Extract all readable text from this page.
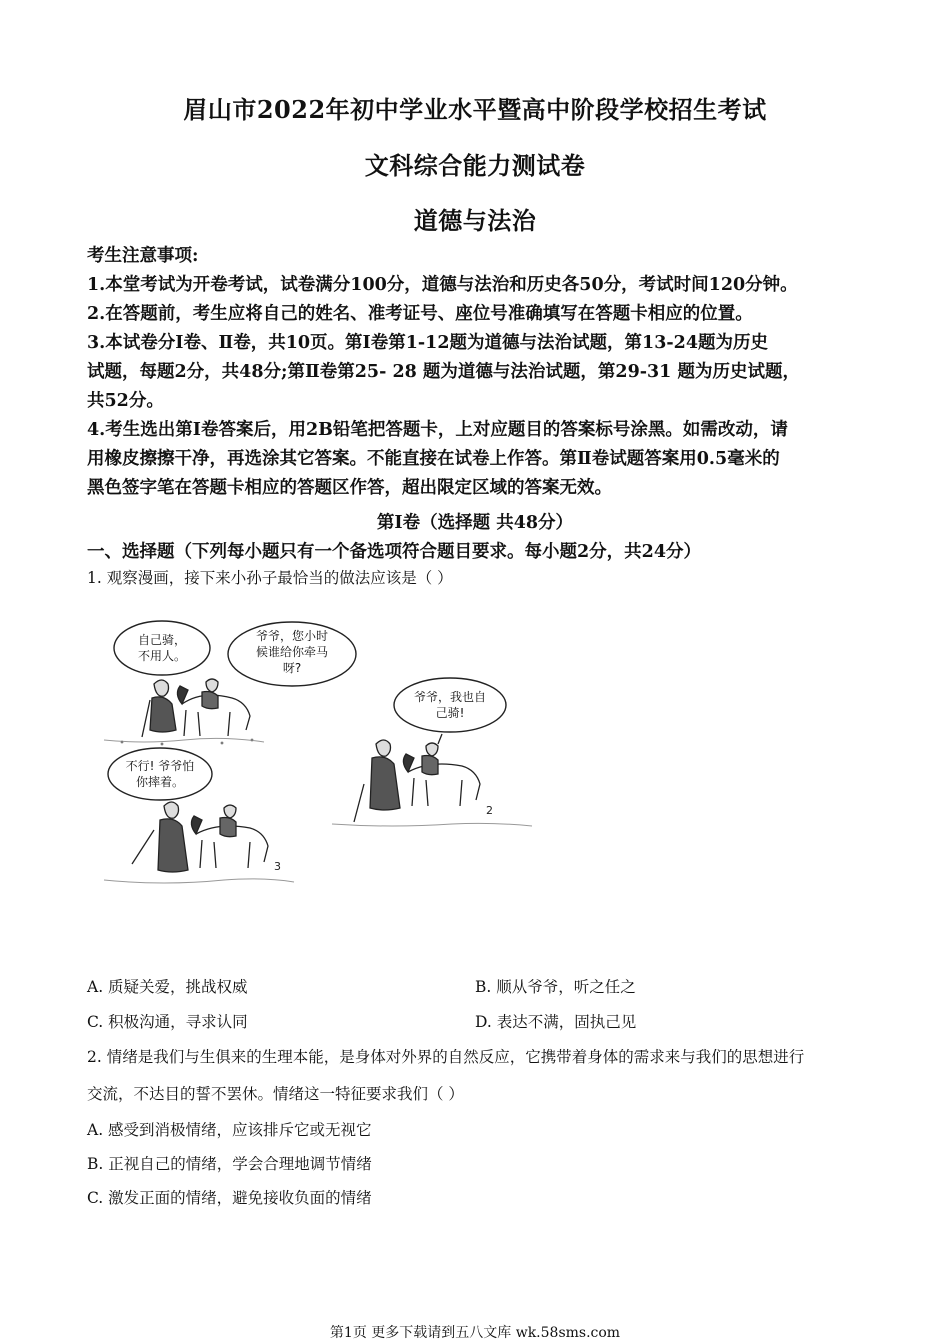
眉山市2022年初中学业水平暨高中阶段学校招生考试
文科综合能力测试卷
道德与法治
考生注意事项:
1.本堂考试为开卷考试，试卷满分100分，道德与法治和历史各50分，考试时间120分钟。
2.在答题前，考生应将自己的姓名、准考证号、座位号准确填写在答题卡相应的位置。
3.本试卷分Ⅰ卷、Ⅱ卷，共10页。第Ⅰ卷第1-12题为道德与法治试题，第13-24题为历史
试题，每题2分，共48分;第Ⅱ卷第25- 28 题为道德与法治试题，第29-31 题为历史试题，
共52分。
4.考生选出第Ⅰ卷答案后，用2B铅笔把答题卡，上对应题目的答案标号涂黑。如需改动，请
用橡皮擦擦干净，再选涂其它答案。不能直接在试卷上作答。第Ⅱ卷试题答案用0.5毫米的
黑色签字笔在答题卡相应的答题区作答，超出限定区域的答案无效。
第Ⅰ卷（选择题 共48分）
一、选择题（下列每小题只有一个备选项符合题目要求。每小题2分，共24分）
1. 观察漫画，接下来小孙子最恰当的做法应该是（ ）
自己骑，
不用人。
爷爷，您小时
候谁给你牵马
呀?
爷爷，我也自
己骑!
不行! 爷爷怕
你摔着。
2
3
A. 质疑关爱，挑战权威	B. 顺从爷爷，听之任之
C. 积极沟通，寻求认同	D. 表达不满，固执己见
2. 情绪是我们与生俱来的生理本能，是身体对外界的自然反应，它携带着身体的需求来与我们的思想进行
交流，不达目的誓不罢休。情绪这一特征要求我们（ ）
A. 感受到消极情绪，应该排斥它或无视它
B. 正视自己的情绪，学会合理地调节情绪
C. 激发正面的情绪，避免接收负面的情绪
第1页 更多下载请到五八文库 wk.58sms.com
